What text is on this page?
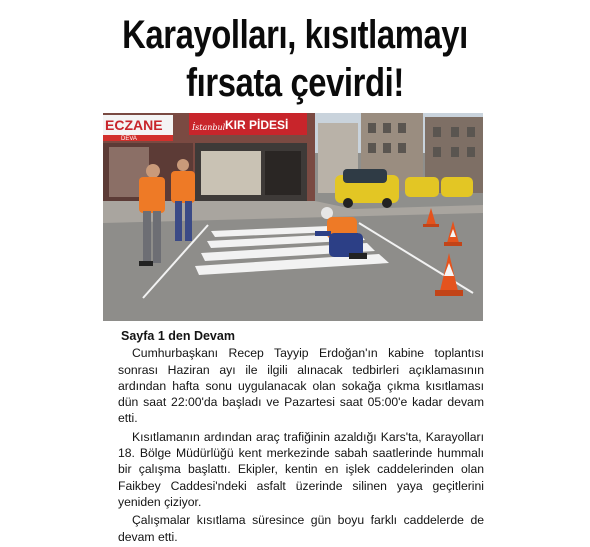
Karayolları, kısıtlamayı
fırsata çevirdi!
ECZANE
DEVA
İstanbul KIR PİDESİ
Sayfa 1 den Devam

Cumhurbaşkanı Recep Tayyip Erdoğan'ın kabine toplantısı sonrası Haziran ayı ile ilgili alınacak tedbirleri açıklamasının ardından hafta sonu uygulanacak olan sokağa çıkma kısıtlaması dün saat 22:00'da başladı ve Pazartesi saat 05:00'e kadar devam etti.

Kısıtlamanın ardından araç trafiğinin azaldığı Kars'ta, Karayolları 18. Bölge Müdürlüğü kent merkezinde sabah saatlerinde hummalı bir çalışma başlattı. Ekipler, kentin en işlek caddelerinden olan Faikbey Caddesi'ndeki asfalt üzerinde silinen yaya geçitlerini yeniden çiziyor.

Çalışmalar kısıtlama süresince gün boyu farklı caddelerde de devam etti.
